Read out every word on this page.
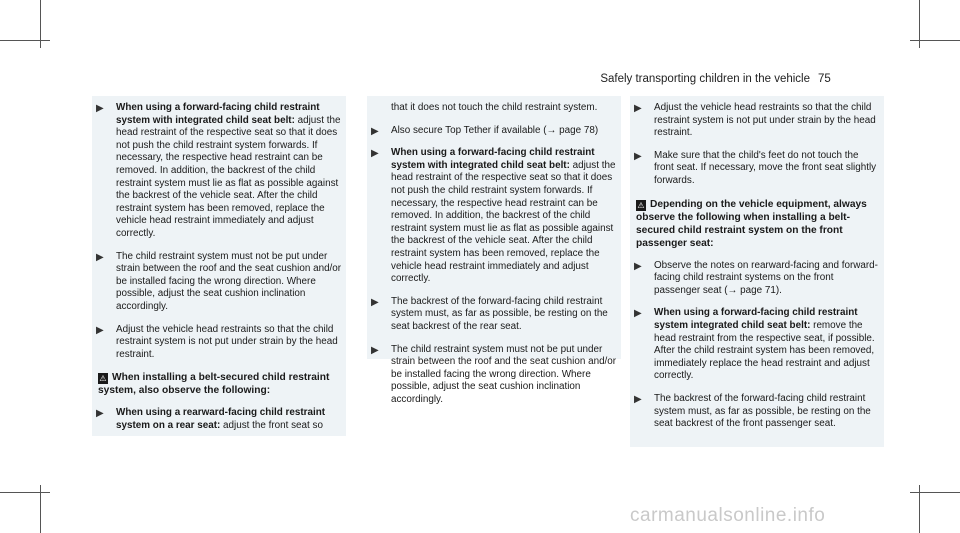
Safely transporting children in the vehicle 75
▶ When using a forward-facing child restraint system with integrated child seat belt: adjust the head restraint of the respective seat so that it does not push the child restraint system forwards. If necessary, the respective head restraint can be removed. In addition, the backrest of the child restraint system must lie as flat as possible against the backrest of the vehicle seat. After the child restraint system has been removed, replace the vehicle head restraint immediately and adjust correctly.
▶ The child restraint system must not be put under strain between the roof and the seat cushion and/or be installed facing the wrong direction. Where possible, adjust the seat cushion inclination accordingly.
▶ Adjust the vehicle head restraints so that the child restraint system is not put under strain by the head restraint.
⚠ When installing a belt-secured child restraint system, also observe the following:
▶ When using a rearward-facing child restraint system on a rear seat: adjust the front seat so
that it does not touch the child restraint system.
▶ Also secure Top Tether if available (→ page 78)
▶ When using a forward-facing child restraint system with integrated child seat belt: adjust the head restraint of the respective seat so that it does not push the child restraint system forwards. If necessary, the respective head restraint can be removed. In addition, the backrest of the child restraint system must lie as flat as possible against the backrest of the vehicle seat. After the child restraint system has been removed, replace the vehicle head restraint immediately and adjust correctly.
▶ The backrest of the forward-facing child restraint system must, as far as possible, be resting on the seat backrest of the rear seat.
▶ The child restraint system must not be put under strain between the roof and the seat cushion and/or be installed facing the wrong direction. Where possible, adjust the seat cushion inclination accordingly.
▶ Adjust the vehicle head restraints so that the child restraint system is not put under strain by the head restraint.
▶ Make sure that the child's feet do not touch the front seat. If necessary, move the front seat slightly forwards.
⚠ Depending on the vehicle equipment, always observe the following when installing a belt-secured child restraint system on the front passenger seat:
▶ Observe the notes on rearward-facing and forward-facing child restraint systems on the front passenger seat (→ page 71).
▶ When using a forward-facing child restraint system integrated child seat belt: remove the head restraint from the respective seat, if possible. After the child restraint system has been removed, immediately replace the head restraint and adjust correctly.
▶ The backrest of the forward-facing child restraint system must, as far as possible, be resting on the seat backrest of the front passenger seat.
carmanualsonline.info
